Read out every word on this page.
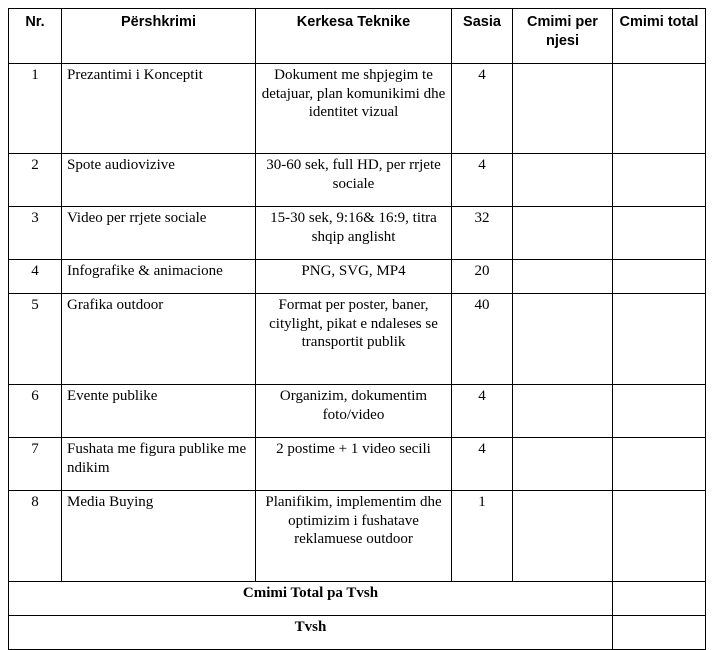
Nr.	Përshkrimi	Kerkesa Teknike	Sasia	Cmimi per njesi	Cmimi total
1	Prezantimi i Konceptit	Dokument me shpjegim te detajuar, plan komunikimi dhe identitet vizual	4		
2	Spote audiovizive	30-60 sek, full HD, per rrjete sociale	4		
3	Video per rrjete sociale	15-30 sek, 9:16& 16:9, titra shqip anglisht	32		
4	Infografike & animacione	PNG, SVG, MP4	20		
5	Grafika outdoor	Format per poster, baner, citylight, pikat e ndaleses se transportit publik	40		
6	Evente publike	Organizim, dokumentim foto/video	4		
7	Fushata me figura publike me ndikim	2 postime + 1 video secili	4		
8	Media Buying	Planifikim, implementim dhe optimizim i fushatave reklamuese outdoor	1		
Cmimi Total pa Tvsh					
Tvsh					
